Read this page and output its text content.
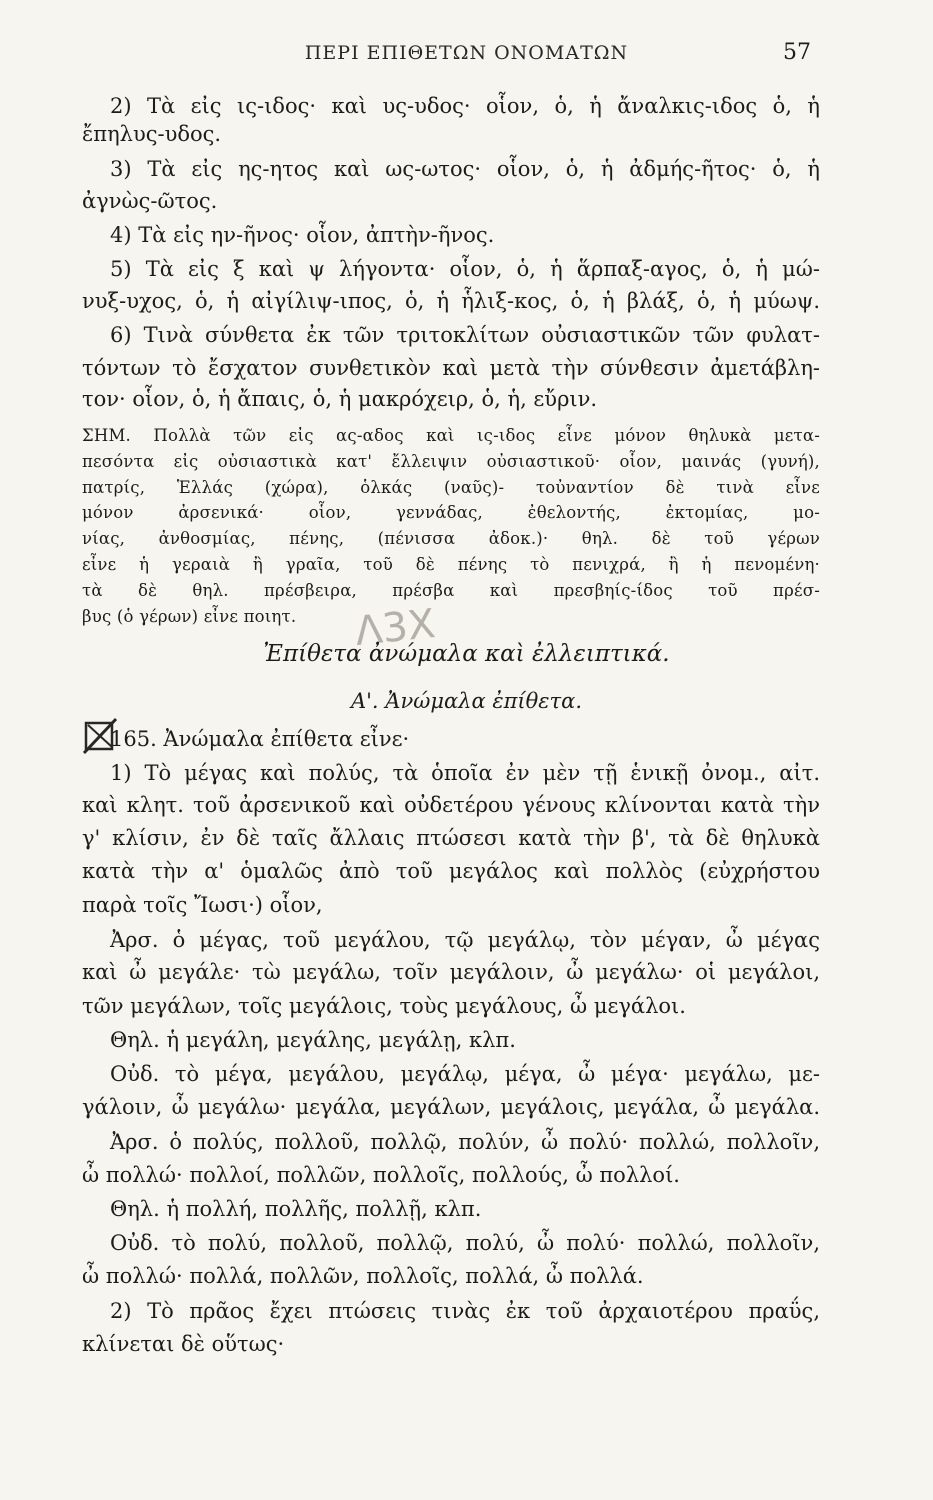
ΠΕΡΙ ΕΠΙΘΕΤΩΝ ΟΝΟΜΑΤΩΝ	57
2) Τὰ εἰς ις-ιδος· καὶ υς-υδος· οἷον, ὁ, ἡ ἄναλκις-ιδος ὁ, ἡ
ἔπηλυς-υδος.
3) Τὰ εἰς ης-ητος καὶ ως-ωτος· οἷον, ὁ, ἡ ἀδμής-ῆτος· ὁ, ἡ
ἀγνὼς-ῶτος.
4) Τὰ εἰς ην-ῆνος· οἷον, ἀπτὴν-ῆνος.
5) Τὰ εἰς ξ καὶ ψ λήγοντα· οἷον, ὁ, ἡ ἅρπαξ-αγος, ὁ, ἡ μώ-
νυξ-υχος, ὁ, ἡ αἰγίλιψ-ιπος, ὁ, ἡ ἧλιξ-κος, ὁ, ἡ βλάξ, ὁ, ἡ μύωψ.
6) Τινὰ σύνθετα ἐκ τῶν τριτοκλίτων οὐσιαστικῶν τῶν φυλατ-
τόντων τὸ ἔσχατον συνθετικὸν καὶ μετὰ τὴν σύνθεσιν ἀμετάβλη-
τον· οἷον, ὁ, ἡ ἄπαις, ὁ, ἡ μακρόχειρ, ὁ, ἡ, εὔριν.
ΣΗΜ. Πολλὰ τῶν εἰς ας-αδος καὶ ις-ιδος εἶνε μόνον θηλυκὰ μετα-
πεσόντα εἰς οὐσιαστικὰ κατ' ἔλλειψιν οὐσιαστικοῦ· οἷον, μαινάς (γυνή),
πατρίς, Ἑλλάς (χώρα), ὁλκάς (ναῦς)- τοὐναντίον δὲ τινὰ εἶνε
μόνον ἀρσενικά· οἷον, γεννάδας, ἐθελοντής, ἐκτομίας, μο-
νίας, ἀνθοσμίας, πένης, (πένισσα ἀδοκ.)· θηλ. δὲ τοῦ γέρων
εἶνε ἡ γεραιὰ ἢ γραῖα, τοῦ δὲ πένης τὸ πενιχρά, ἢ ἡ πενομένη·
τὰ δὲ θηλ. πρέσβειρα, πρέσβα καὶ πρεσβηίς-ίδος τοῦ πρέσ-
βυς (ὁ γέρων) εἶνε ποιητ.	Λ3Χ
Ἐπίθετα ἀνώμαλα καὶ ἐλλειπτικά.
Α'. Ἀνώμαλα ἐπίθετα.
165. Ἀνώμαλα ἐπίθετα εἶνε·
1) Τὸ μέγας καὶ πολύς, τὰ ὁποῖα ἐν μὲν τῇ ἑνικῇ ὀνομ., αἰτ.
καὶ κλητ. τοῦ ἀρσενικοῦ καὶ οὐδετέρου γένους κλίνονται κατὰ τὴν
γ' κλίσιν, ἐν δὲ ταῖς ἄλλαις πτώσεσι κατὰ τὴν β', τὰ δὲ θηλυκὰ
κατὰ τὴν α' ὁμαλῶς ἀπὸ τοῦ μεγάλος καὶ πολλὸς (εὐχρήστου
παρὰ τοῖς Ἴωσι·) οἷον,
Ἀρσ. ὁ μέγας, τοῦ μεγάλου, τῷ μεγάλῳ, τὸν μέγαν, ὦ μέγας
καὶ ὦ μεγάλε· τὼ μεγάλω, τοῖν μεγάλοιν, ὦ μεγάλω· οἱ μεγάλοι,
τῶν μεγάλων, τοῖς μεγάλοις, τοὺς μεγάλους, ὦ μεγάλοι.
Θηλ. ἡ μεγάλη, μεγάλης, μεγάλῃ, κλπ.
Οὐδ. τὸ μέγα, μεγάλου, μεγάλῳ, μέγα, ὦ μέγα· μεγάλω, με-
γάλοιν, ὦ μεγάλω· μεγάλα, μεγάλων, μεγάλοις, μεγάλα, ὦ μεγάλα.
Ἀρσ. ὁ πολύς, πολλοῦ, πολλῷ, πολύν, ὦ πολύ· πολλώ, πολλοῖν,
ὦ πολλώ· πολλοί, πολλῶν, πολλοῖς, πολλούς, ὦ πολλοί.
Θηλ. ἡ πολλή, πολλῆς, πολλῇ, κλπ.
Οὐδ. τὸ πολύ, πολλοῦ, πολλῷ, πολύ, ὦ πολύ· πολλώ, πολλοῖν,
ὦ πολλώ· πολλά, πολλῶν, πολλοῖς, πολλά, ὦ πολλά.
2) Τὸ πρᾶος ἔχει πτώσεις τινὰς ἐκ τοῦ ἀρχαιοτέρου πραΰς,
κλίνεται δὲ οὕτως·
